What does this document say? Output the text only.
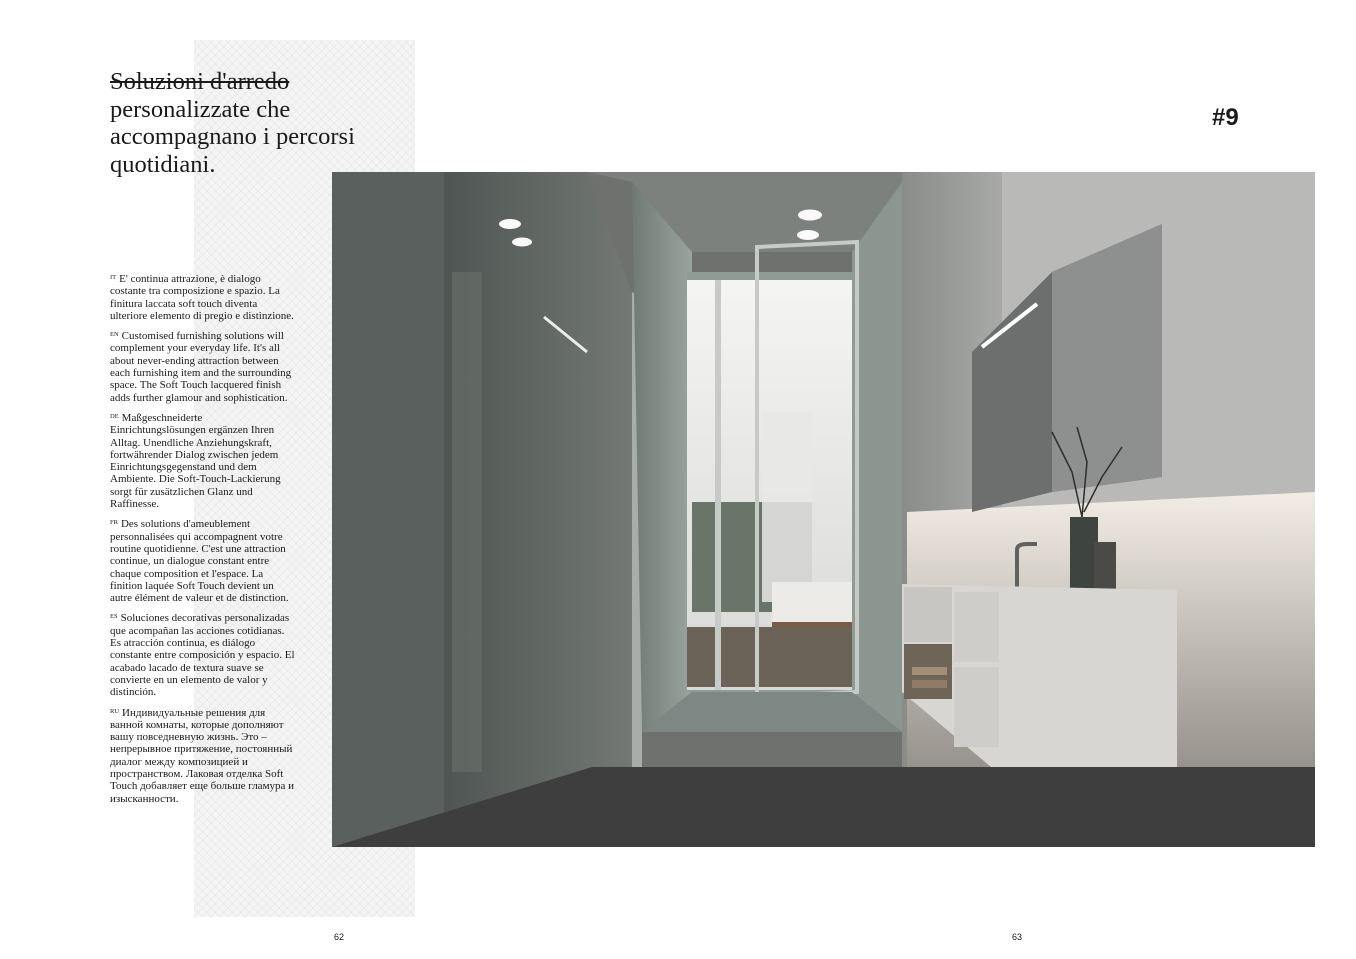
Soluzioni d'arredo
personalizzate che accompagnano i percorsi quotidiani.

$^{IT}$ E' continua attrazione, è dialogo costante tra composizione e spazio. La finitura laccata soft touch diventa ulteriore elemento di pregio e distinzione.

$^{EN}$ Customised furnishing solutions will complement your everyday life. It's all about never-ending attraction between each furnishing item and the surrounding space. The Soft Touch lacquered finish adds further glamour and sophistication.

$^{DE}$ Maßgeschneiderte Einrichtungslösungen ergänzen Ihren Alltag. Unendliche Anziehungskraft, fortwährender Dialog zwischen jedem Einrichtungsgegenstand und dem Ambiente. Die Soft-Touch-Lackierung sorgt für zusätzlichen Glanz und Raffinesse.

$^{FR}$ Des solutions d'ameublement personnalisées qui accompagnent votre routine quotidienne. C'est une attraction continue, un dialogue constant entre chaque composition et l'espace. La finition laquée Soft Touch devient un autre élément de valeur et de distinction.

$^{ES}$ Soluciones decorativas personalizadas que acompañan las acciones cotidianas. Es atracción continua, es diálogo constante entre composición y espacio. El acabado lacado de textura suave se convierte en un elemento de valor y distinción.

$^{RU}$ Индивидуальные решения для ванной комнаты, которые дополняют вашу повседневную жизнь. Это – непрерывное притяжение, постоянный диалог между композицией и пространством. Лаковая отделка Soft Touch добавляет еще больше гламура и изысканности.

#9
62	63
